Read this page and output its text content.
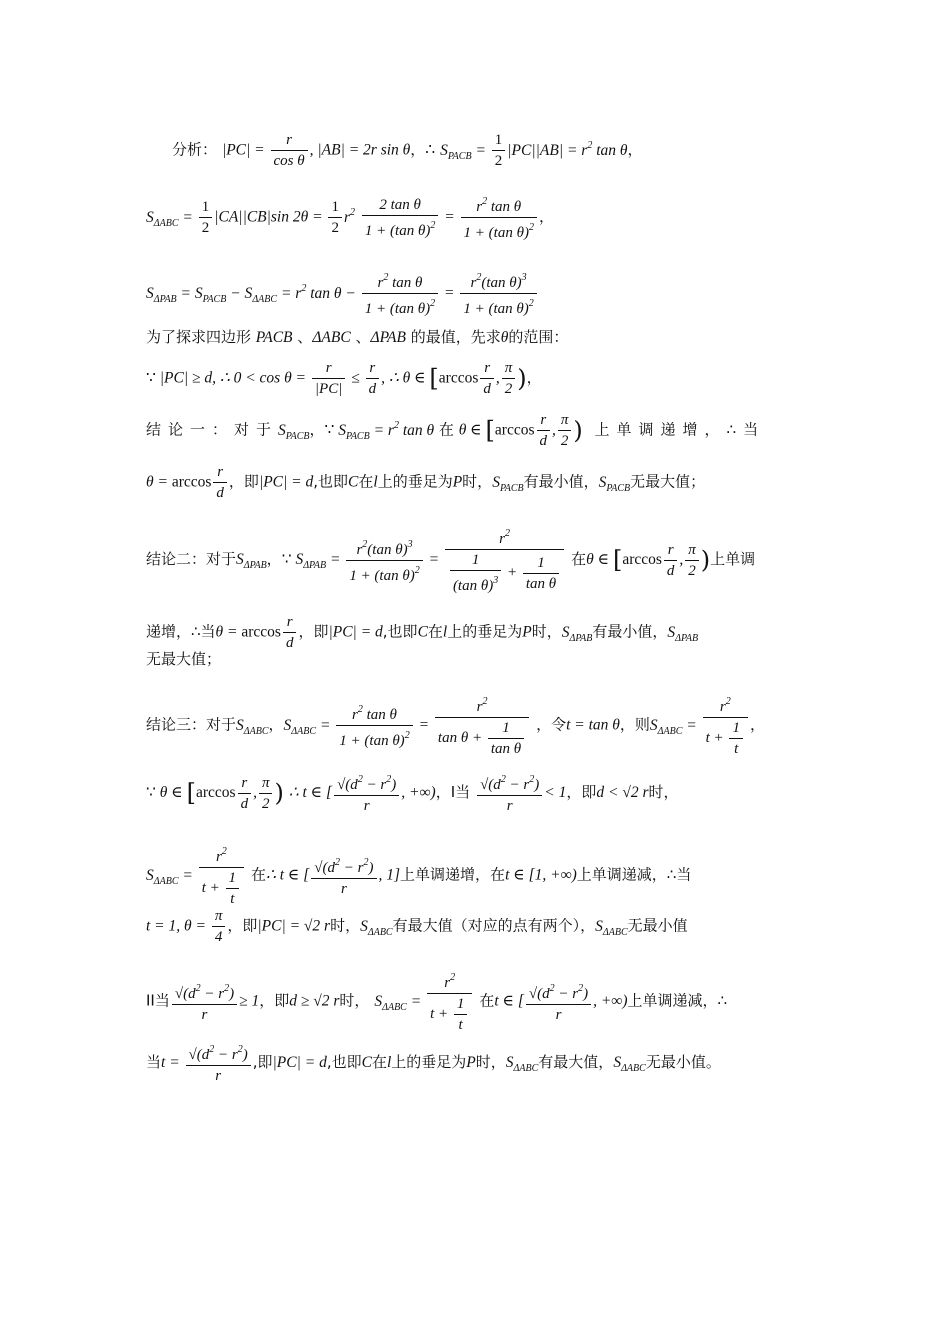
分析： $|PC| = \frac{r}{\text{cos θ}}$ , |AB| = 2r sin θ，∴ $S_{PACB} = \frac{1}{2} |PC||AB| = r^2$ tan θ，
$S_{\Delta ABC} = \frac{1}{2} |CA||CB|\sin$ $2\theta = \frac{1}{2} r^2 \frac{\text{2 tan θ}}{1 + (\tan \theta)^2} = \frac{r^2 \tan \theta}{1 + (\tan \theta)^2}$ ，
$S_{\Delta PAB} = S_{PACB} - S_{\Delta ABC} = r^2$ $\tan \theta - \frac{r^2 \tan \theta}{1 + (\tan \theta)^2} = \frac{r^2(\tan \theta)^3}{1 + (\tan \theta)^2}$
为了探求四边形 PACB 、ΔABC 、ΔPAB 的最值，先求θ的范围：
∵ |PC| ≥ d, ∴ $0 < \cos \theta = \frac{r}{|PC|} \le \frac{r}{d}$ , ∴ θ ∈ [$\arccos \frac{r}{d}$ , $\frac{\pi}{2}$ )，
结论一：对于$S_{PACB}$，∵ $S_{PACB} = r^2$ tan θ 在 θ ∈ [$\arccos \frac{r}{d}$ , $\frac{\pi}{2}$ ) 上单调递增，∴当
$\theta = \arccos \frac{r}{d}$ ，即|PC| = d,也即C在l上的垂足为P时，$S_{PACB}$有最小值，$S_{PACB}$无最大值；
结论二：对于$S_{\Delta PAB}$，∵ $S_{\Delta PAB} = \frac{r^2(\tan \theta)^3}{1 + (\tan \theta)^2} = \frac{r^2}{\frac{1}{(\tan \theta)^3} + \frac{1}{\text{tan θ}}}$ 在θ ∈ [$\arccos \frac{r}{d}$ , $\frac{\pi}{2}$ )上单调
递增，∴当$\theta = \arccos \frac{r}{d}$ ，即|PC| = d,也即C在l上的垂足为P时，$S_{\Delta PAB}$有最小值，$S_{\Delta PAB}$
无最大值；
结论三：对于$S_{\Delta ABC}$，$S_{\Delta ABC} = \frac{r^2 \tan \theta}{1 + (\tan \theta)^2} = \frac{r^2}{\tan \theta + \frac{1}{\text{tan θ}}}$ ，令t = tan θ，则$S_{\Delta ABC} = \frac{r^2}{t + \frac{1}{t}}$ ，
∵ θ ∈ [$\arccos \frac{r}{d}$ , $\frac{\pi}{2}$ ) ∴ t ∈ [ $\frac{√(d^2 - r^2)}{r}$ , +∞)，I当 $\frac{√(d^2 - r^2)}{r} < 1$，即d < √2 r时，
$S_{\Delta ABC} = \frac{r^2}{t + \frac{1}{t}}$ 在∴ t ∈ [ $\frac{√(d^2 - r^2)}{r}$ , 1]上单调递增，在t ∈ [1, +∞)上单调递减，∴当
t = 1, $\theta = \frac{\pi}{4}$ ，即|PC| = √2 r时，$S_{\Delta ABC}$有最大值（对应的点有两个），$S_{\Delta ABC}$无最小值
II当 $\frac{√(d^2 - r^2)}{r} \ge 1$，即d ≥ √2 r时， $S_{\Delta ABC} = \frac{r^2}{t + \frac{1}{t}}$ 在t ∈ [ $\frac{√(d^2 - r^2)}{r}$ , +∞)上单调递减，∴
当$t = \frac{√(d^2 - r^2)}{r}$ ,即|PC| = d,也即C在l上的垂足为P时，$S_{\Delta ABC}$有最大值，$S_{\Delta ABC}$无最小值。
